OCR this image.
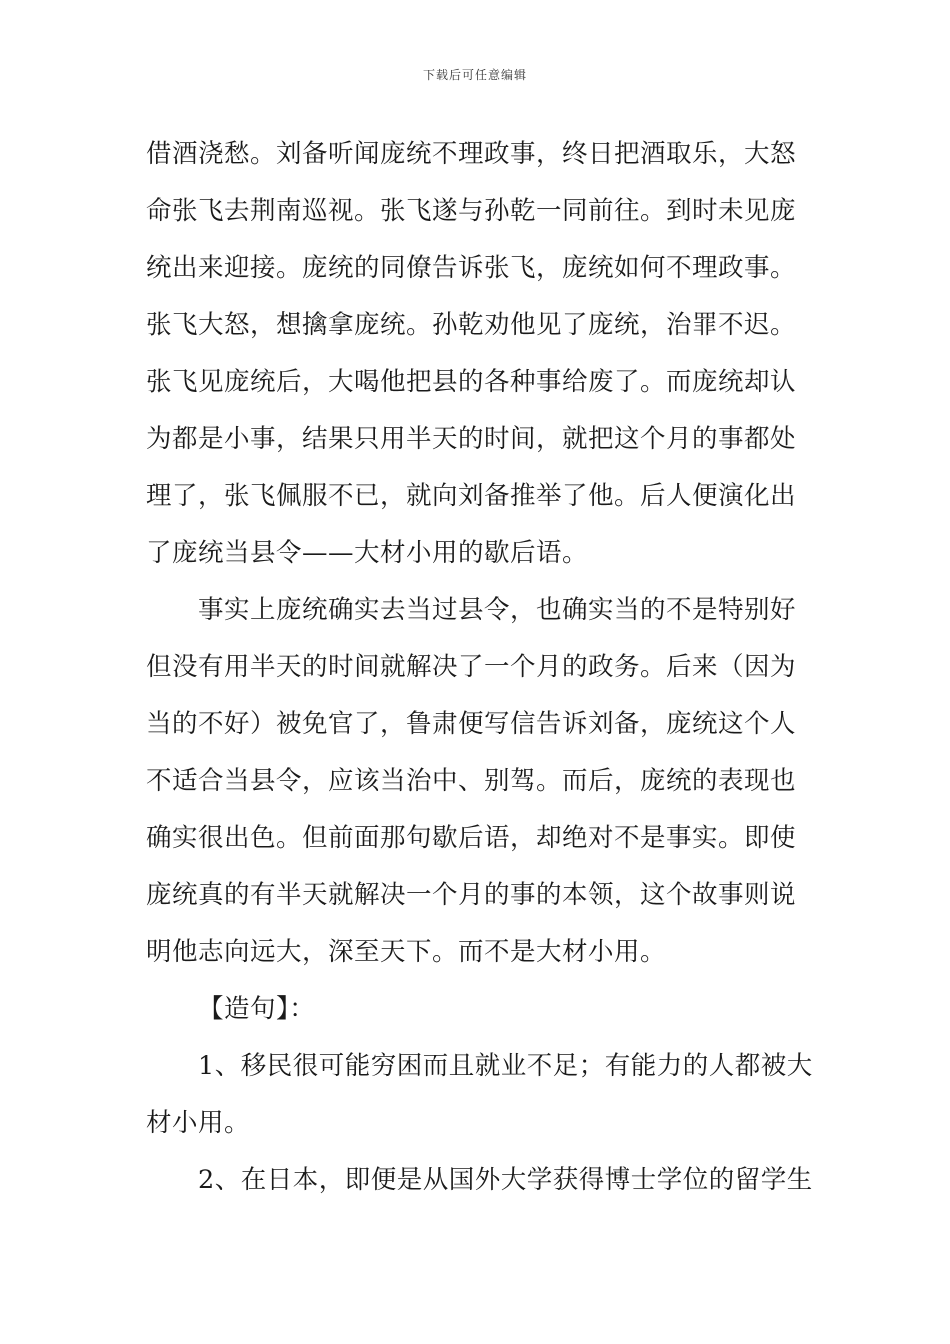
下载后可任意编辑
借酒浇愁。刘备听闻庞统不理政事，终日把酒取乐，大怒
命张飞去荆南巡视。张飞遂与孙乾一同前往。到时未见庞
统出来迎接。庞统的同僚告诉张飞，庞统如何不理政事。
张飞大怒，想擒拿庞统。孙乾劝他见了庞统，治罪不迟。
张飞见庞统后，大喝他把县的各种事给废了。而庞统却认
为都是小事，结果只用半天的时间，就把这个月的事都处
理了，张飞佩服不已，就向刘备推举了他。后人便演化出
了庞统当县令——大材小用的歇后语。
事实上庞统确实去当过县令，也确实当的不是特别好
但没有用半天的时间就解决了一个月的政务。后来（因为
当的不好）被免官了，鲁肃便写信告诉刘备，庞统这个人
不适合当县令，应该当治中、别驾。而后，庞统的表现也
确实很出色。但前面那句歇后语，却绝对不是事实。即使
庞统真的有半天就解决一个月的事的本领，这个故事则说
明他志向远大，深至天下。而不是大材小用。
【造句】：
1、移民很可能穷困而且就业不足；有能力的人都被大
材小用。
2、在日本，即便是从国外大学获得博士学位的留学生
